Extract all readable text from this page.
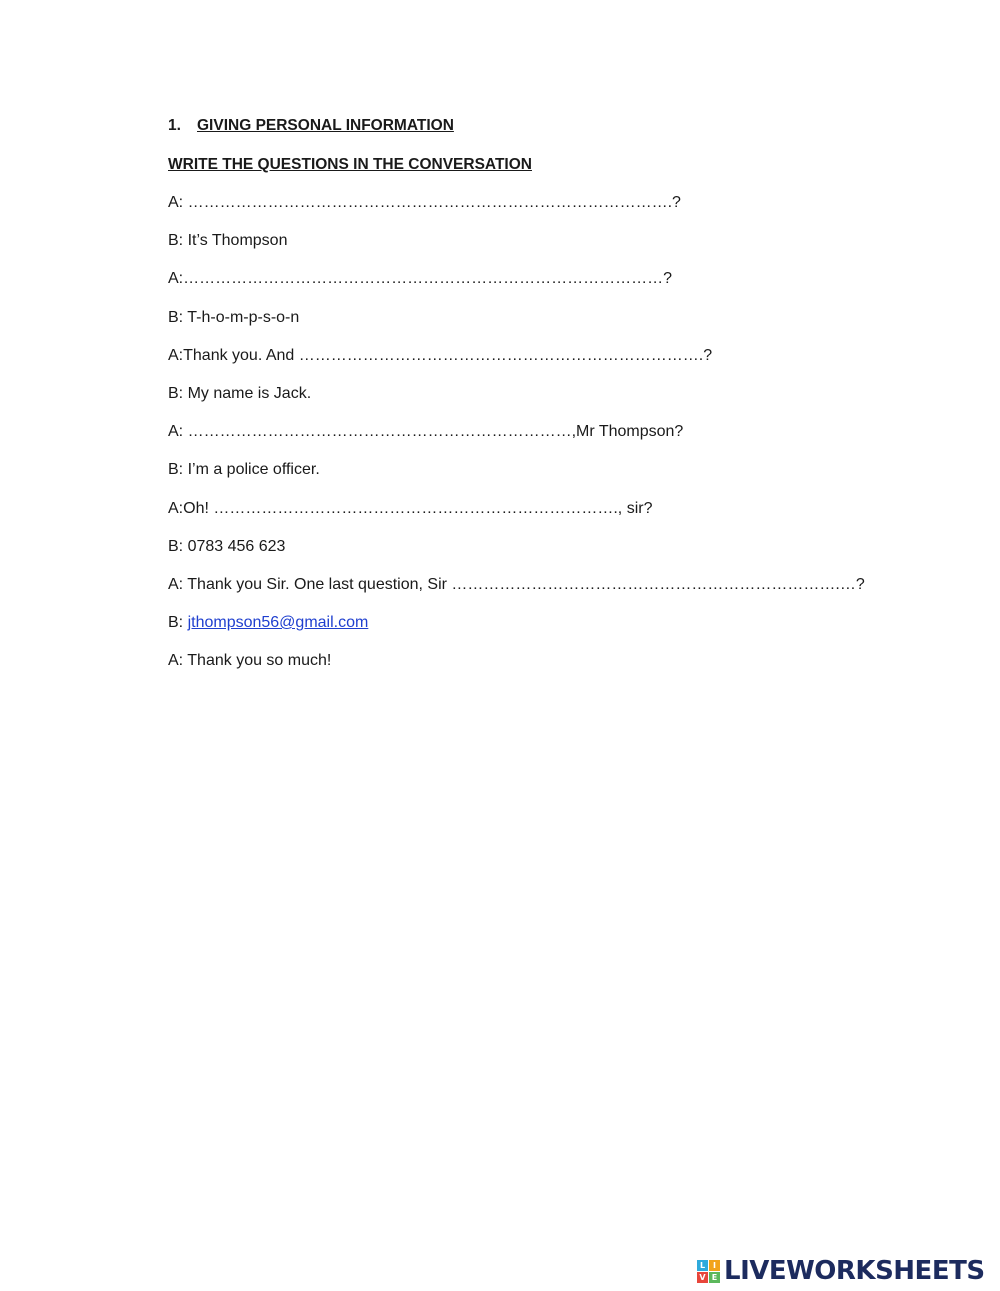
1. GIVING PERSONAL INFORMATION
WRITE THE QUESTIONS IN THE CONVERSATION
A: ……………………………………………………………………………….?
B: It’s Thompson
A:………………………………………………………………………………?
B: T-h-o-m-p-s-o-n
A:Thank you. And ………………………………………………………………….?
B: My name is Jack.
A: ………………………………………………………………,Mr Thompson?
B: I’m a police officer.
A:Oh! …………………………………………………………………., sir?
B: 0783 456 623
A: Thank you Sir. One last question, Sir ……………………………………………………………….…?
B: jthompson56@gmail.com
A: Thank you so much!
L I
V E LIVEWORKSHEETS
